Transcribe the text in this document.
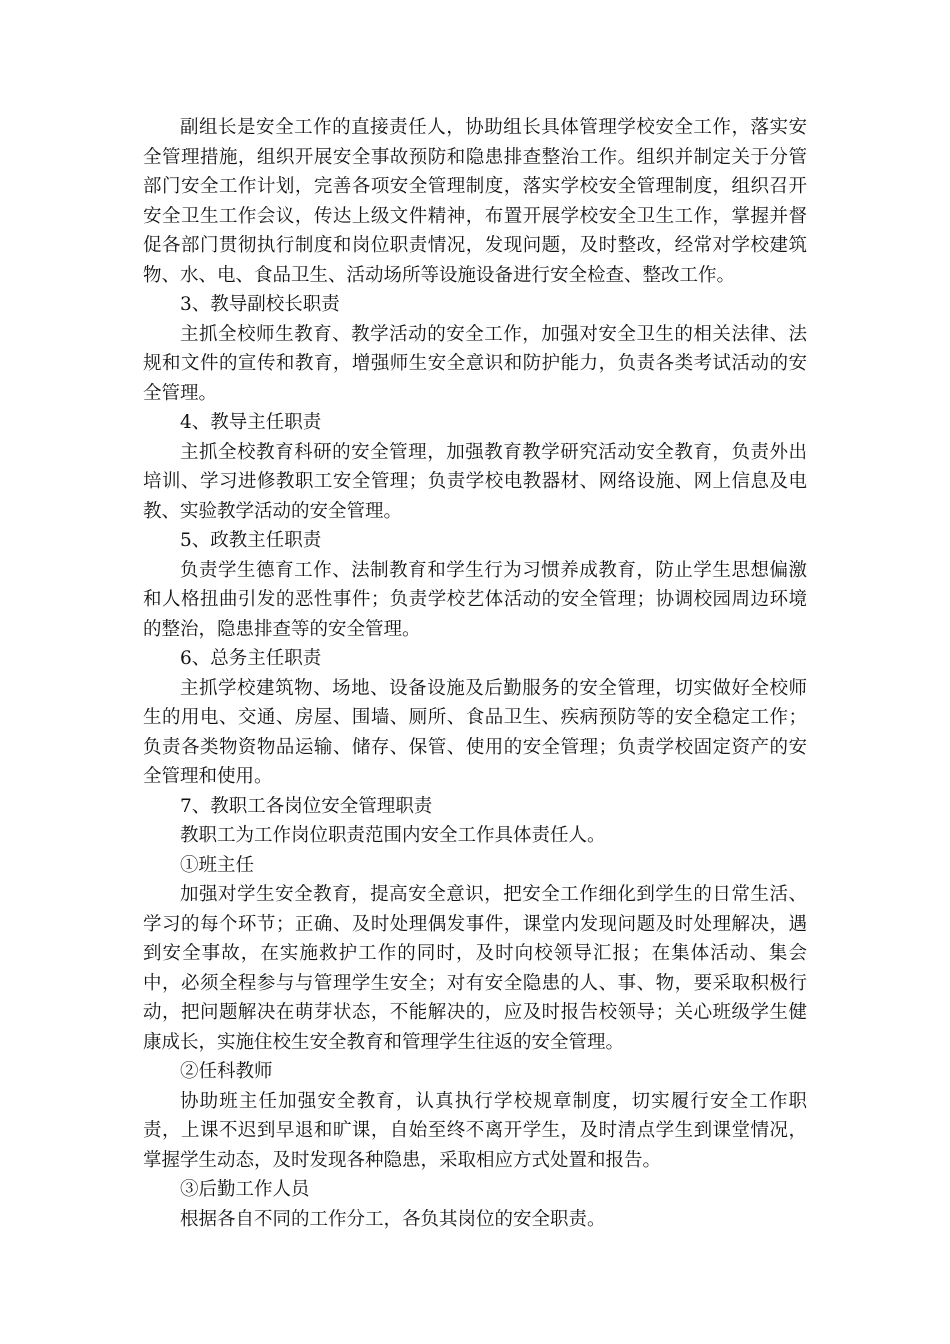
副组长是安全工作的直接责任人，协助组长具体管理学校安全工作，落实安全管理措施，组织开展安全事故预防和隐患排查整治工作。组织并制定关于分管部门安全工作计划，完善各项安全管理制度，落实学校安全管理制度，组织召开安全卫生工作会议，传达上级文件精神，布置开展学校安全卫生工作，掌握并督促各部门贯彻执行制度和岗位职责情况，发现问题，及时整改，经常对学校建筑物、水、电、食品卫生、活动场所等设施设备进行安全检查、整改工作。

3、教导副校长职责

主抓全校师生教育、教学活动的安全工作，加强对安全卫生的相关法律、法规和文件的宣传和教育，增强师生安全意识和防护能力，负责各类考试活动的安全管理。

4、教导主任职责

主抓全校教育科研的安全管理，加强教育教学研究活动安全教育，负责外出培训、学习进修教职工安全管理；负责学校电教器材、网络设施、网上信息及电教、实验教学活动的安全管理。

5、政教主任职责

负责学生德育工作、法制教育和学生行为习惯养成教育，防止学生思想偏激和人格扭曲引发的恶性事件；负责学校艺体活动的安全管理；协调校园周边环境的整治，隐患排查等的安全管理。

6、总务主任职责

主抓学校建筑物、场地、设备设施及后勤服务的安全管理，切实做好全校师生的用电、交通、房屋、围墙、厕所、食品卫生、疾病预防等的安全稳定工作；负责各类物资物品运输、储存、保管、使用的安全管理；负责学校固定资产的安全管理和使用。

7、教职工各岗位安全管理职责

教职工为工作岗位职责范围内安全工作具体责任人。

①班主任

加强对学生安全教育，提高安全意识，把安全工作细化到学生的日常生活、学习的每个环节；正确、及时处理偶发事件，课堂内发现问题及时处理解决，遇到安全事故，在实施救护工作的同时，及时向校领导汇报；在集体活动、集会中，必须全程参与与管理学生安全；对有安全隐患的人、事、物，要采取积极行动，把问题解决在萌芽状态，不能解决的，应及时报告校领导；关心班级学生健康成长，实施住校生安全教育和管理学生往返的安全管理。

②任科教师

协助班主任加强安全教育，认真执行学校规章制度，切实履行安全工作职责，上课不迟到早退和旷课，自始至终不离开学生，及时清点学生到课堂情况，掌握学生动态，及时发现各种隐患，采取相应方式处置和报告。

③后勤工作人员

根据各自不同的工作分工，各负其岗位的安全职责。
